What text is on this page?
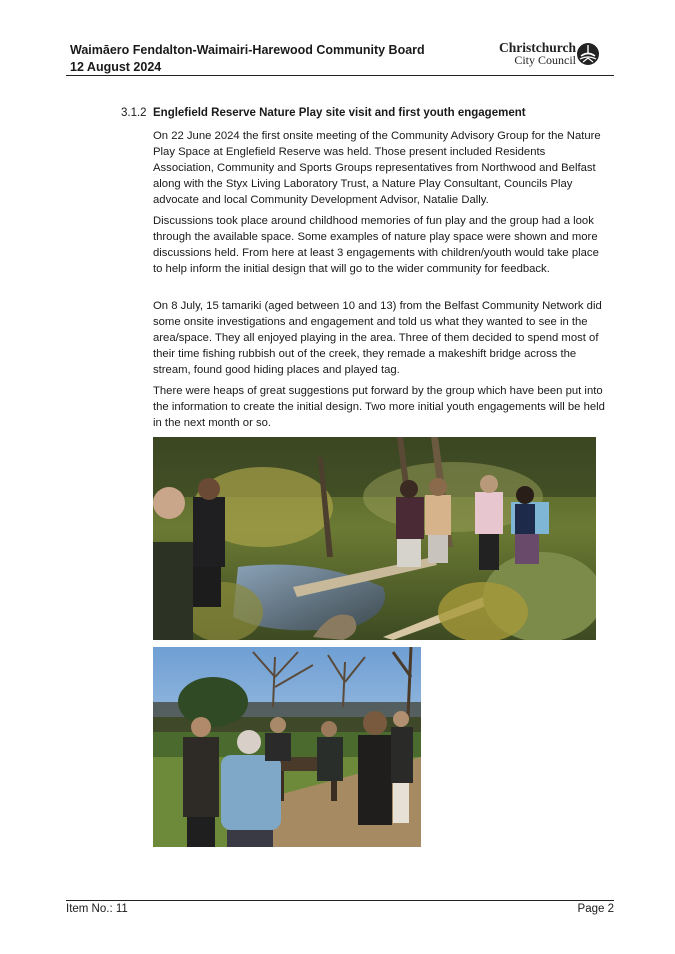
Waimāero Fendalton-Waimairi-Harewood Community Board
12 August 2024
Christchurch
City Council
3.1.2 Englefield Reserve Nature Play site visit and first youth engagement

On 22 June 2024 the first onsite meeting of the Community Advisory Group for the Nature Play Space at Englefield Reserve was held. Those present included Residents Association, Community and Sports Groups representatives from Northwood and Belfast along with the Styx Living Laboratory Trust, a Nature Play Consultant, Councils Play advocate and local Community Development Advisor, Natalie Dally.

Discussions took place around childhood memories of fun play and the group had a look through the available space. Some examples of nature play space were shown and more discussions held. From here at least 3 engagements with children/youth would take place to help inform the initial design that will go to the wider community for feedback.

On 8 July, 15 tamariki (aged between 10 and 13) from the Belfast Community Network did some onsite investigations and engagement and told us what they wanted to see in the area/space. They all enjoyed playing in the area. Three of them decided to spend most of their time fishing rubbish out of the creek, they remade a makeshift bridge across the stream, found good hiding places and played tag.

There were heaps of great suggestions put forward by the group which have been put into the information to create the initial design. Two more initial youth engagements will be held in the next month or so.

Item No.: 11	Page 2
